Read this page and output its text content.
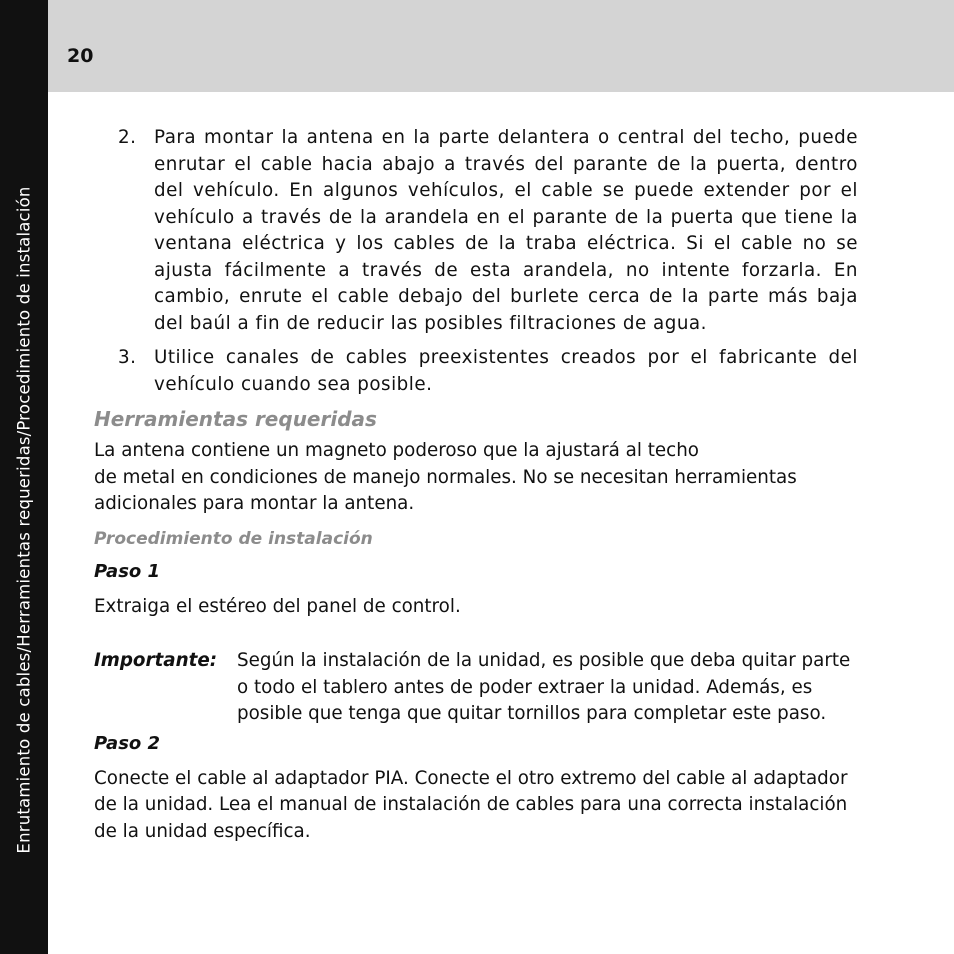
Enrutamiento de cables/Herramientas requeridas/Procedimiento de instalación
20
2. Para montar la antena en la parte delantera o central del techo, puede enrutar el cable hacia abajo a través del parante de la puerta, dentro del vehículo. En algunos vehículos, el cable se puede extender por el vehículo a través de la arandela en el parante de la puerta que tiene la ventana eléctrica y los cables de la traba eléctrica. Si el cable no se ajusta fácilmente a través de esta arandela, no intente forzarla. En cambio, enrute el cable debajo del burlete cerca de la parte más baja del baúl a fin de reducir las posibles filtraciones de agua.
3. Utilice canales de cables preexistentes creados por el fabricante del vehículo cuando sea posible.
Herramientas requeridas

La antena contiene un magneto poderoso que la ajustará al techo

de metal en condiciones de manejo normales. No se necesitan herramientas adicionales para montar la antena.

Procedimiento de instalación
Paso 1

Extraiga el estéreo del panel de control.

Importante: Según la instalación de la unidad, es posible que deba quitar parte o todo el tablero antes de poder extraer la unidad. Además, es posible que tenga que quitar tornillos para completar este paso.
Paso 2

Conecte el cable al adaptador PIA. Conecte el otro extremo del cable al adaptador de la unidad. Lea el manual de instalación de cables para una correcta instalación de la unidad específica.
